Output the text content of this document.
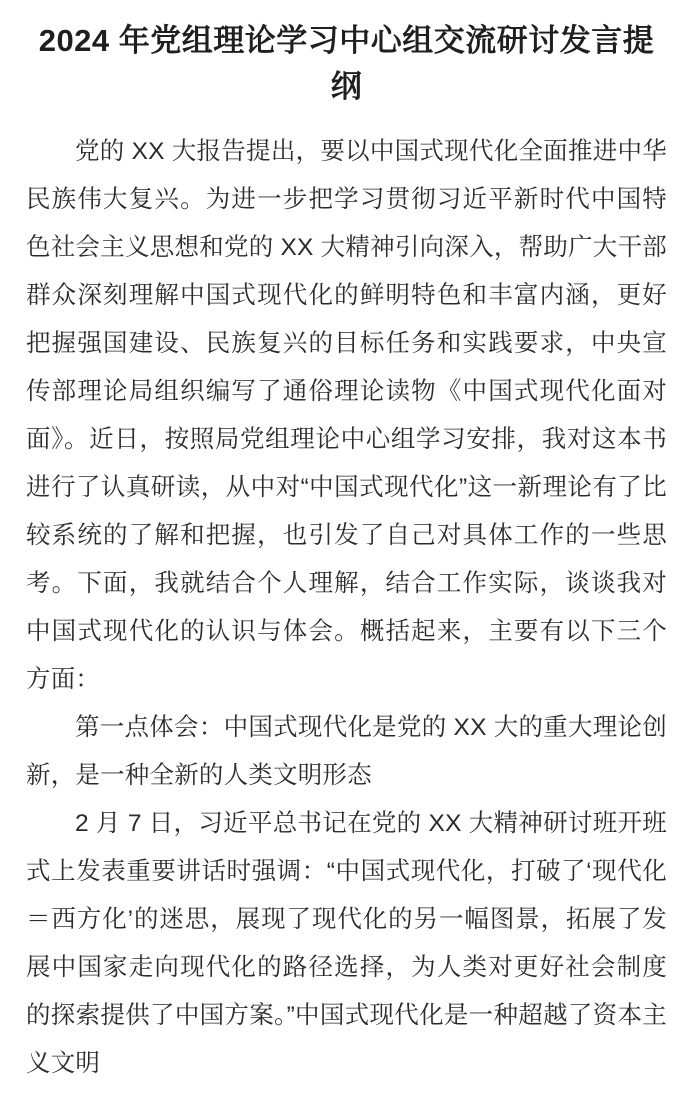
2024 年党组理论学习中心组交流研讨发言提纲

党的 XX 大报告提出，要以中国式现代化全面推进中华民族伟大复兴。为进一步把学习贯彻习近平新时代中国特色社会主义思想和党的 XX 大精神引向深入，帮助广大干部群众深刻理解中国式现代化的鲜明特色和丰富内涵，更好把握强国建设、民族复兴的目标任务和实践要求，中央宣传部理论局组织编写了通俗理论读物《中国式现代化面对面》。近日，按照局党组理论中心组学习安排，我对这本书进行了认真研读，从中对“中国式现代化”这一新理论有了比较系统的了解和把握，也引发了自己对具体工作的一些思考。下面，我就结合个人理解，结合工作实际，谈谈我对中国式现代化的认识与体会。概括起来，主要有以下三个方面：

第一点体会：中国式现代化是党的 XX 大的重大理论创新，是一种全新的人类文明形态

2 月 7 日，习近平总书记在党的 XX 大精神研讨班开班式上发表重要讲话时强调：“中国式现代化，打破了‘现代化＝西方化’的迷思，展现了现代化的另一幅图景，拓展了发展中国家走向现代化的路径选择，为人类对更好社会制度的探索提供了中国方案。”中国式现代化是一种超越了资本主义文明
